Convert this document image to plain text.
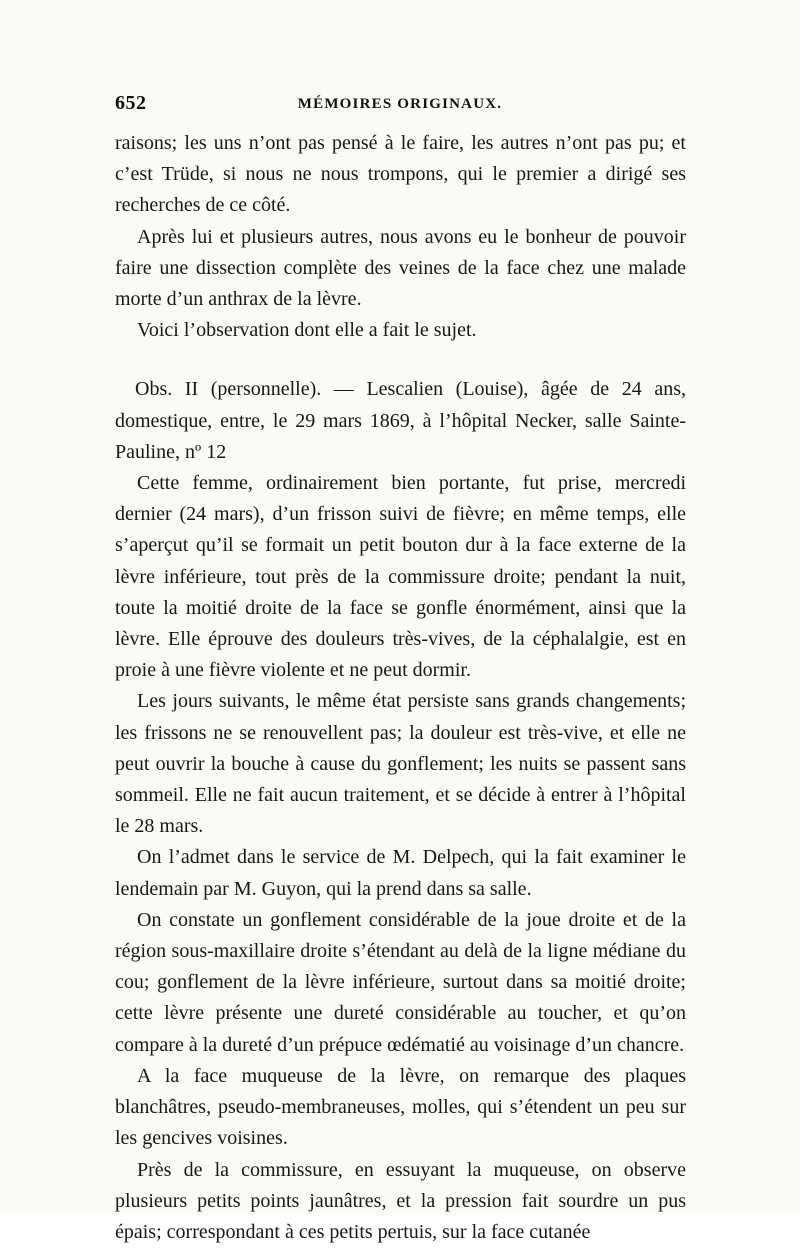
652	MÉMOIRES ORIGINAUX.

raisons; les uns n’ont pas pensé à le faire, les autres n’ont pas pu; et c’est Trüde, si nous ne nous trompons, qui le premier a dirigé ses recherches de ce côté.

Après lui et plusieurs autres, nous avons eu le bonheur de pouvoir faire une dissection complète des veines de la face chez une malade morte d’un anthrax de la lèvre.

Voici l’observation dont elle a fait le sujet.

Obs. II (personnelle). — Lescalien (Louise), âgée de 24 ans, domestique, entre, le 29 mars 1869, à l’hôpital Necker, salle Sainte-Pauline, nº 12

Cette femme, ordinairement bien portante, fut prise, mercredi dernier (24 mars), d’un frisson suivi de fièvre; en même temps, elle s’aperçut qu’il se formait un petit bouton dur à la face externe de la lèvre inférieure, tout près de la commissure droite; pendant la nuit, toute la moitié droite de la face se gonfle énormément, ainsi que la lèvre. Elle éprouve des douleurs très-vives, de la céphalalgie, est en proie à une fièvre violente et ne peut dormir.

Les jours suivants, le même état persiste sans grands changements; les frissons ne se renouvellent pas; la douleur est très-vive, et elle ne peut ouvrir la bouche à cause du gonflement; les nuits se passent sans sommeil. Elle ne fait aucun traitement, et se décide à entrer à l’hôpital le 28 mars.

On l’admet dans le service de M. Delpech, qui la fait examiner le lendemain par M. Guyon, qui la prend dans sa salle.

On constate un gonflement considérable de la joue droite et de la région sous-maxillaire droite s’étendant au delà de la ligne médiane du cou; gonflement de la lèvre inférieure, surtout dans sa moitié droite; cette lèvre présente une dureté considérable au toucher, et qu’on compare à la dureté d’un prépuce œdématié au voisinage d’un chancre.

A la face muqueuse de la lèvre, on remarque des plaques blanchâtres, pseudo-membraneuses, molles, qui s’étendent un peu sur les gencives voisines.

Près de la commissure, en essuyant la muqueuse, on observe plusieurs petits points jaunâtres, et la pression fait sourdre un pus épais; correspondant à ces petits pertuis, sur la face cutanée
